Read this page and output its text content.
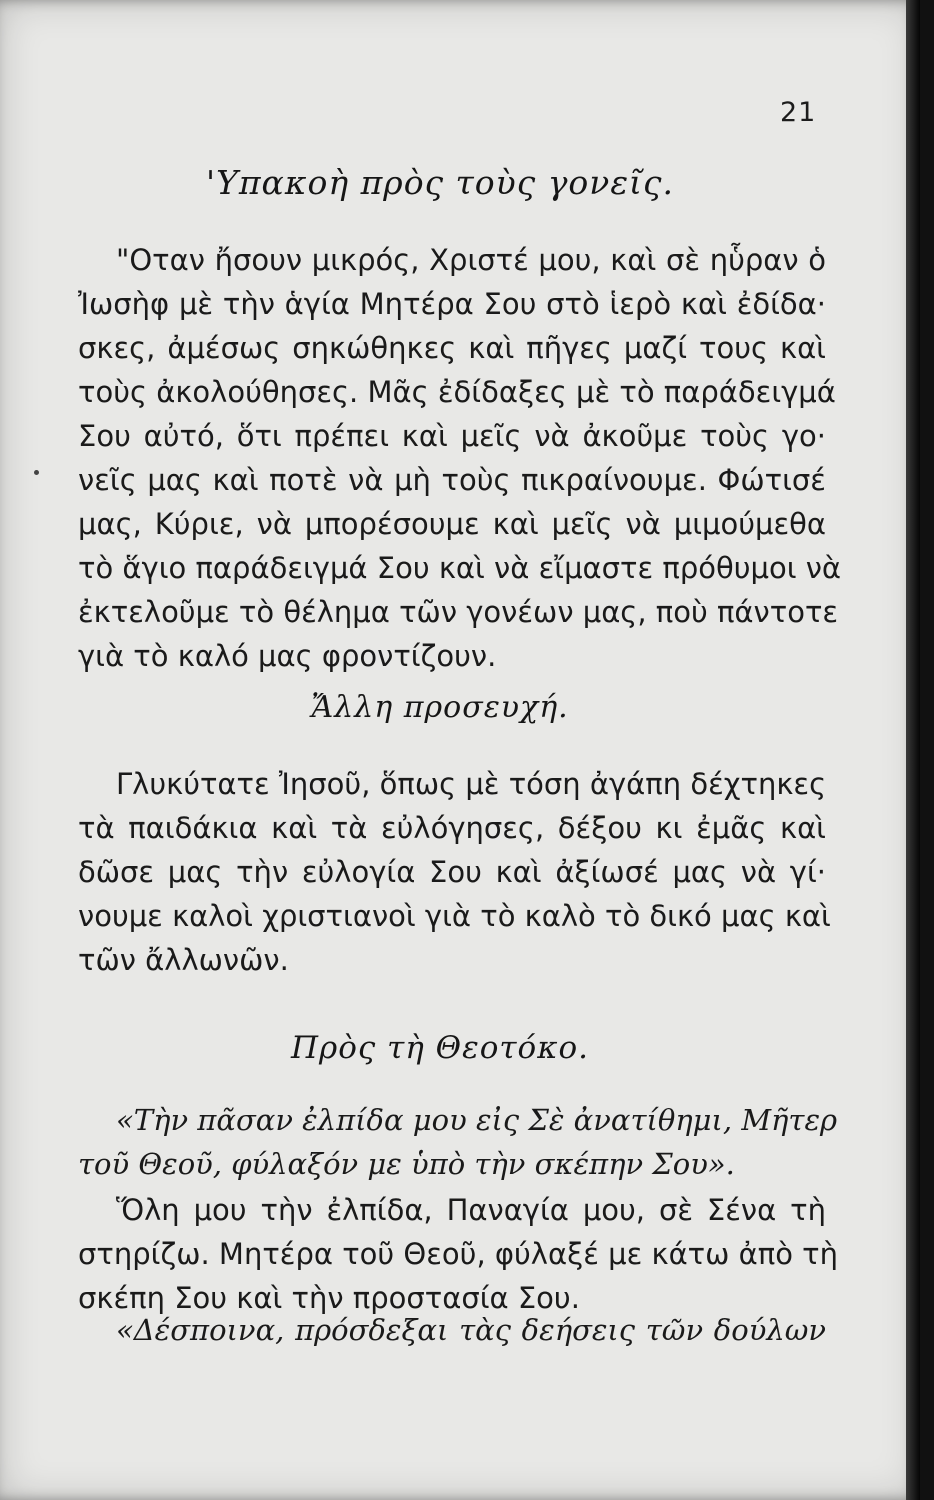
21
'Υπακοὴ πρὸς τοὺς γονεῖς.
"Οταν ἤσουν μικρός, Χριστέ μου, καὶ σὲ ηὗραν ὁ
Ἰωσὴφ μὲ τὴν ἁγία Μητέρα Σου στὸ ἱερὸ καὶ ἐδίδα·
σκες, ἀμέσως σηκώθηκες καὶ πῆγες μαζί τους καὶ
τοὺς ἀκολούθησες. Μᾶς ἐδίδαξες μὲ τὸ παράδειγμά
Σου αὐτό, ὅτι πρέπει καὶ μεῖς νὰ ἀκοῦμε τοὺς γο·
νεῖς μας καὶ ποτὲ νὰ μὴ τοὺς πικραίνουμε. Φώτισέ
μας, Κύριε, νὰ μπορέσουμε καὶ μεῖς νὰ μιμούμεθα
τὸ ἅγιο παράδειγμά Σου καὶ νὰ εἴμαστε πρόθυμοι νὰ
ἐκτελοῦμε τὸ θέλημα τῶν γονέων μας, ποὺ πάντοτε
γιὰ τὸ καλό μας φροντίζουν.
Ἄλλη προσευχή.
Γλυκύτατε Ἰησοῦ, ὅπως μὲ τόση ἀγάπη δέχτηκες
τὰ παιδάκια καὶ τὰ εὐλόγησες, δέξου κι ἐμᾶς καὶ
δῶσε μας τὴν εὐλογία Σου καὶ ἀξίωσέ μας νὰ γί·
νουμε καλοὶ χριστιανοὶ γιὰ τὸ καλὸ τὸ δικό μας καὶ
τῶν ἄλλωνῶν.
Πρὸς τὴ Θεοτόκο.
«Τὴν πᾶσαν ἐλπίδα μου εἰς Σὲ ἀνατίθημι, Μῆτερ
τοῦ Θεοῦ, φύλαξόν με ὑπὸ τὴν σκέπην Σου».
Ὅλη μου τὴν ἐλπίδα, Παναγία μου, σὲ Σένα τὴ
στηρίζω. Μητέρα τοῦ Θεοῦ, φύλαξέ με κάτω ἀπὸ τὴ
σκέπη Σου καὶ τὴν προστασία Σου.
«Δέσποινα, πρόσδεξαι τὰς δεήσεις τῶν δούλων
